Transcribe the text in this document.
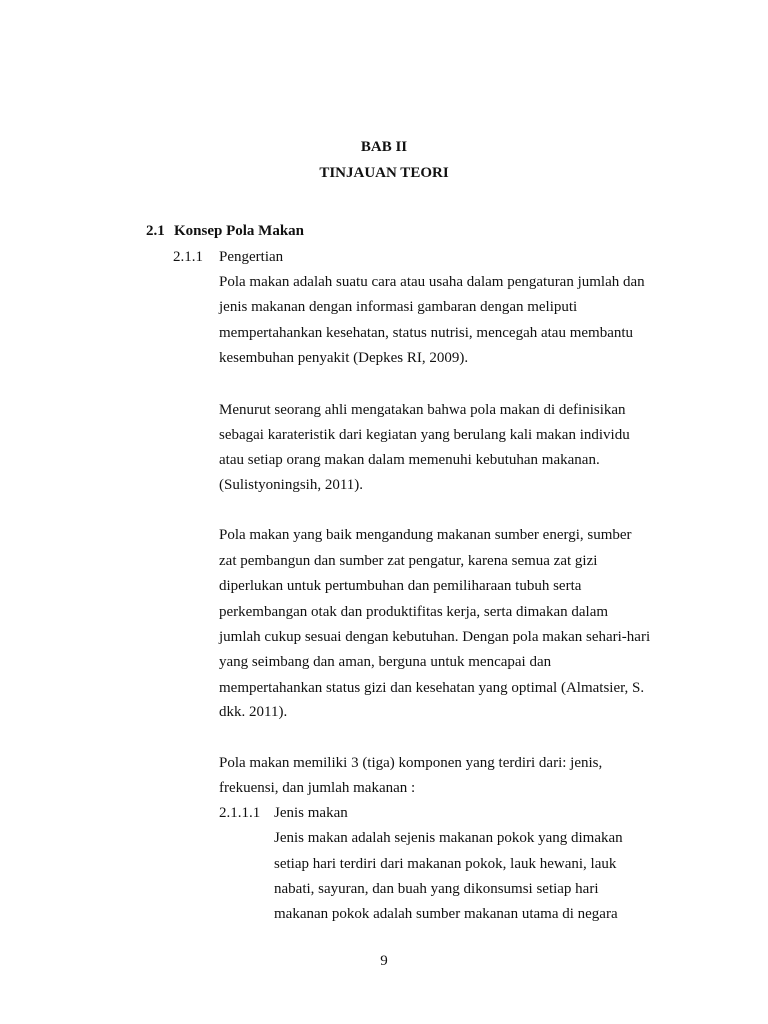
BAB II
TINJAUAN TEORI
2.1 Konsep Pola Makan
2.1.1 Pengertian
Pola makan adalah suatu cara atau usaha dalam pengaturan jumlah dan
jenis makanan dengan informasi gambaran dengan meliputi
mempertahankan kesehatan, status nutrisi, mencegah atau membantu
kesembuhan penyakit (Depkes RI, 2009).
Menurut seorang ahli mengatakan bahwa pola makan di definisikan
sebagai karateristik dari kegiatan yang berulang kali makan individu
atau setiap orang makan dalam memenuhi kebutuhan makanan.
(Sulistyoningsih, 2011).
Pola makan yang baik mengandung makanan sumber energi, sumber
zat pembangun dan sumber zat pengatur, karena semua zat gizi
diperlukan untuk pertumbuhan dan pemiliharaan tubuh serta
perkembangan otak dan produktifitas kerja, serta dimakan dalam
jumlah cukup sesuai dengan kebutuhan. Dengan pola makan sehari-hari
yang seimbang dan aman, berguna untuk mencapai dan
mempertahankan status gizi dan kesehatan yang optimal (Almatsier, S.
dkk. 2011).
Pola makan memiliki 3 (tiga) komponen yang terdiri dari: jenis,
frekuensi, dan jumlah makanan :
2.1.1.1 Jenis makan
Jenis makan adalah sejenis makanan pokok yang dimakan
setiap hari terdiri dari makanan pokok, lauk hewani, lauk
nabati, sayuran, dan buah yang dikonsumsi setiap hari
makanan pokok adalah sumber makanan utama di negara
9
